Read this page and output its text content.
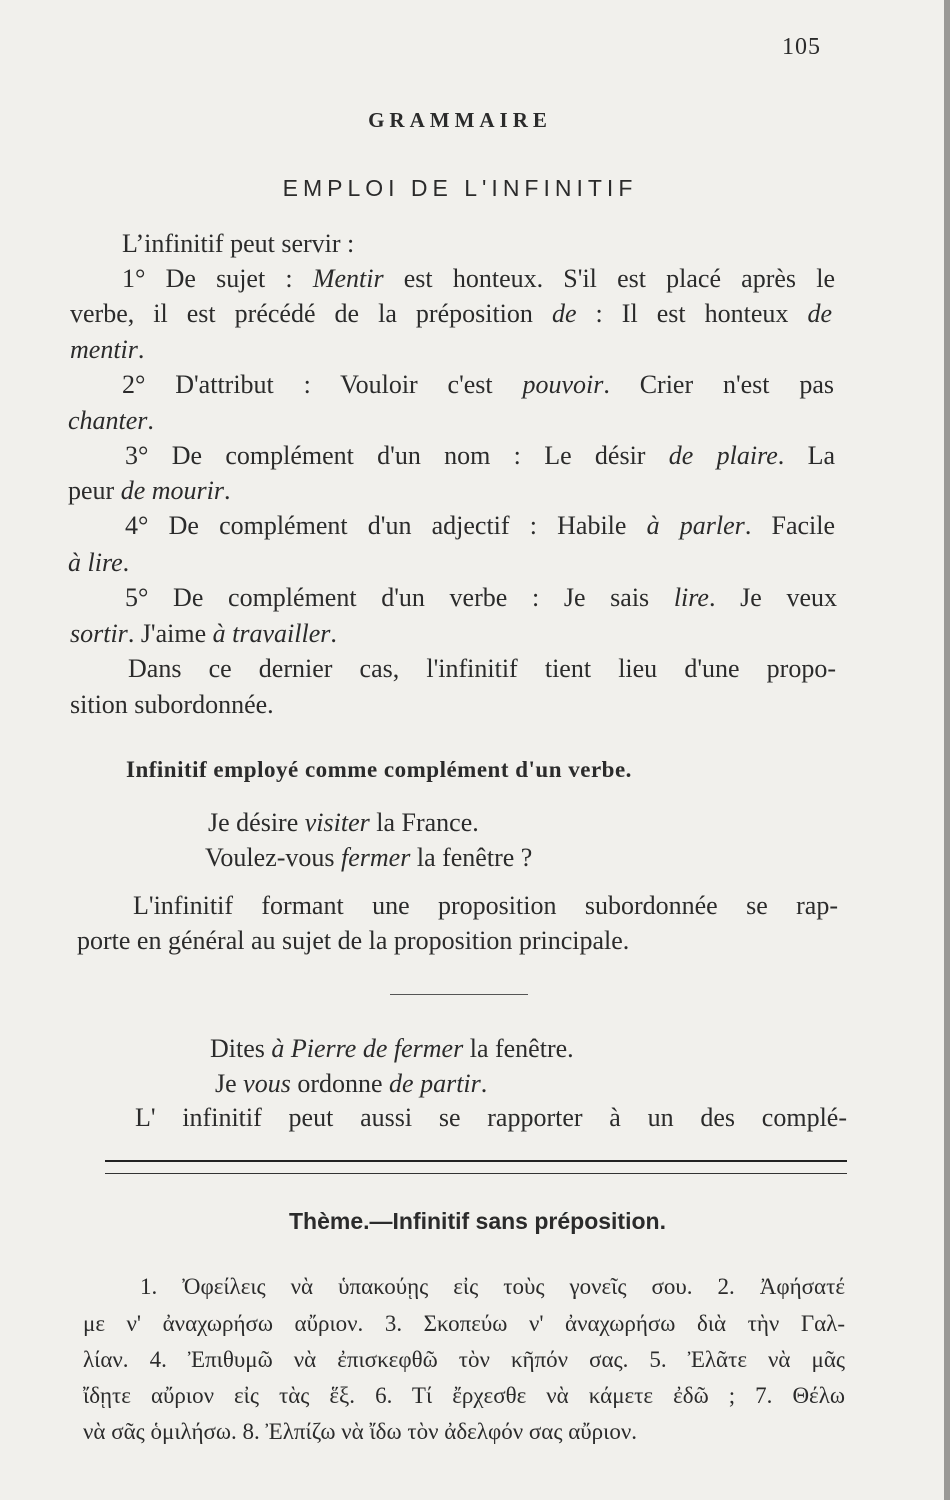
105
GRAMMAIRE
EMPLOI DE L'INFINITIF
L’infinitif peut servir :
1° De sujet : Mentir est honteux. S'il est placé après le
verbe, il est précédé de la préposition de : Il est honteux de
mentir.
2° D'attribut : Vouloir c'est pouvoir. Crier n'est pas
chanter.
3° De complément d'un nom : Le désir de plaire. La
peur de mourir.
4° De complément d'un adjectif : Habile à parler. Facile
à lire.
5° De complément d'un verbe : Je sais lire. Je veux
sortir. J'aime à travailler.
Dans ce dernier cas, l'infinitif tient lieu d'une propo-
sition subordonnée.
Infinitif employé comme complément d'un verbe.
Je désire visiter la France.
Voulez-vous fermer la fenêtre ?
L'infinitif formant une proposition subordonnée se rap-
porte en général au sujet de la proposition principale.
Dites à Pierre de fermer la fenêtre.
Je vous ordonne de partir.
L' infinitif peut aussi se rapporter à un des complé-
Thème.—Infinitif sans préposition.
1. Ὀφείλεις νὰ ὑπακούῃς εἰς τοὺς γονεῖς σου. 2. Ἀφήσατέ
με ν' ἀναχωρήσω αὔριον. 3. Σκοπεύω ν' ἀναχωρήσω διὰ τὴν Γαλ-
λίαν. 4. Ἐπιθυμῶ νὰ ἐπισκεφθῶ τὸν κῆπόν σας. 5. Ἐλᾶτε νὰ μᾶς
ἴδῃτε αὔριον εἰς τὰς ἕξ. 6. Τί ἔρχεσθε νὰ κάμετε ἐδῶ ; 7. Θέλω
νὰ σᾶς ὁμιλήσω. 8. Ἐλπίζω νὰ ἴδω τὸν ἀδελφόν σας αὔριον.
